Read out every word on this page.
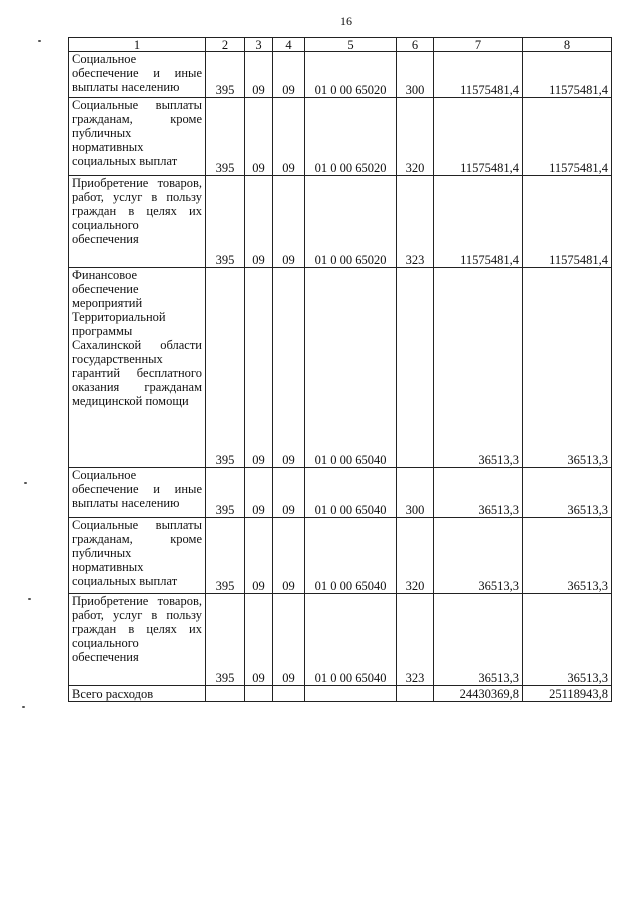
16
1	2	3	4	5	6	7	8
Социальное обеспечение и иные выплаты населению	395	09	09	01 0 00 65020	300	11575481,4	11575481,4
Социальные выплаты гражданам, кроме публичных нормативных социальных выплат	395	09	09	01 0 00 65020	320	11575481,4	11575481,4
Приобретение товаров, работ, услуг в пользу граждан в целях их социального обеспечения	395	09	09	01 0 00 65020	323	11575481,4	11575481,4
Финансовое обеспечение мероприятий Территориальной программы Сахалинской области государственных гарантий бесплатного оказания гражданам медицинской помощи	395	09	09	01 0 00 65040		36513,3	36513,3
Социальное обеспечение и иные выплаты населению	395	09	09	01 0 00 65040	300	36513,3	36513,3
Социальные выплаты гражданам, кроме публичных нормативных социальных выплат	395	09	09	01 0 00 65040	320	36513,3	36513,3
Приобретение товаров, работ, услуг в пользу граждан в целях их социального обеспечения	395	09	09	01 0 00 65040	323	36513,3	36513,3
Всего расходов						24430369,8	25118943,8
